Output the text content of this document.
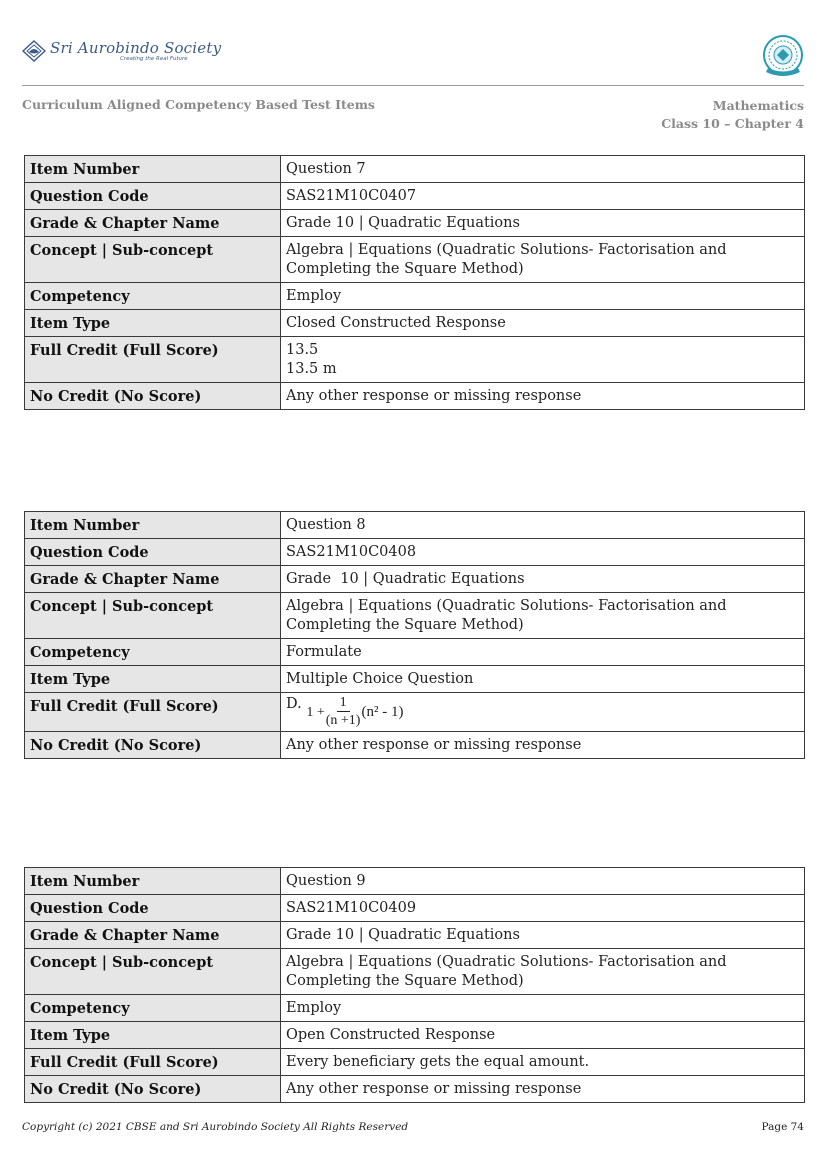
Sri Aurobindo Society
Creating the Real Future
Curriculum Aligned Competency Based Test Items	Mathematics
Class 10 – Chapter 4
Item Number	Question 7
Question Code	SAS21M10C0407
Grade & Chapter Name	Grade 10 | Quadratic Equations
Concept | Sub-concept	Algebra | Equations (Quadratic Solutions- Factorisation and Completing the Square Method)
Competency	Employ
Item Type	Closed Constructed Response
Full Credit (Full Score)	13.5
13.5 m

No Credit (No Score)	Any other response or missing response
Item Number	Question 8
Question Code	SAS21M10C0408
Grade & Chapter Name	Grade  10 | Quadratic Equations
Concept | Sub-concept	Algebra | Equations (Quadratic Solutions- Factorisation and Completing the Square Method)
Competency	Formulate
Item Type	Multiple Choice Question
Full Credit (Full Score)	D.
$1 + \frac{1}{(n +1)} (n^2 - 1)$

No Credit (No Score)	Any other response or missing response
Item Number	Question 9
Question Code	SAS21M10C0409
Grade & Chapter Name	Grade 10 | Quadratic Equations
Concept | Sub-concept	Algebra | Equations (Quadratic Solutions- Factorisation and Completing the Square Method)
Competency	Employ
Item Type	Open Constructed Response
Full Credit (Full Score)	Every beneficiary gets the equal amount.
No Credit (No Score)	Any other response or missing response
Copyright (c) 2021 CBSE and Sri Aurobindo Society All Rights Reserved	Page 74
